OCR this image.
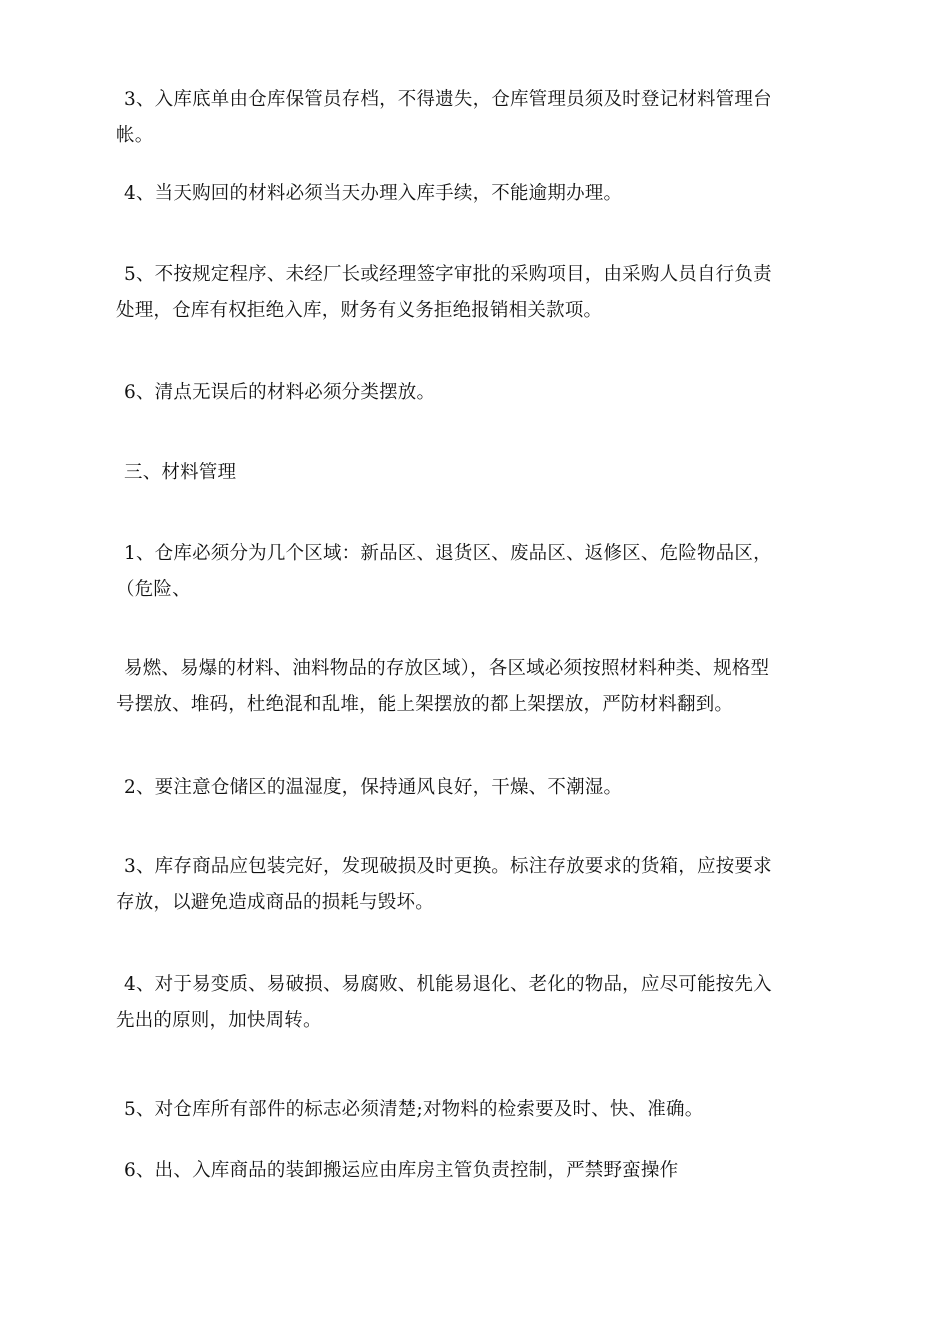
3、入库底单由仓库保管员存档，不得遗失，仓库管理员须及时登记材料管理台
帐。

4、当天购回的材料必须当天办理入库手续，不能逾期办理。

5、不按规定程序、未经厂长或经理签字审批的采购项目，由采购人员自行负责
处理，仓库有权拒绝入库，财务有义务拒绝报销相关款项。

6、清点无误后的材料必须分类摆放。

三、材料管理

1、仓库必须分为几个区域：新品区、退货区、废品区、返修区、危险物品区，
（危险、

易燃、易爆的材料、油料物品的存放区域），各区域必须按照材料种类、规格型
号摆放、堆码，杜绝混和乱堆，能上架摆放的都上架摆放，严防材料翻到。

2、要注意仓储区的温湿度，保持通风良好，干燥、不潮湿。

3、库存商品应包装完好，发现破损及时更换。标注存放要求的货箱，应按要求
存放，以避免造成商品的损耗与毁坏。

4、对于易变质、易破损、易腐败、机能易退化、老化的物品，应尽可能按先入
先出的原则，加快周转。

5、对仓库所有部件的标志必须清楚;对物料的检索要及时、快、准确。

6、出、入库商品的装卸搬运应由库房主管负责控制，严禁野蛮操作
